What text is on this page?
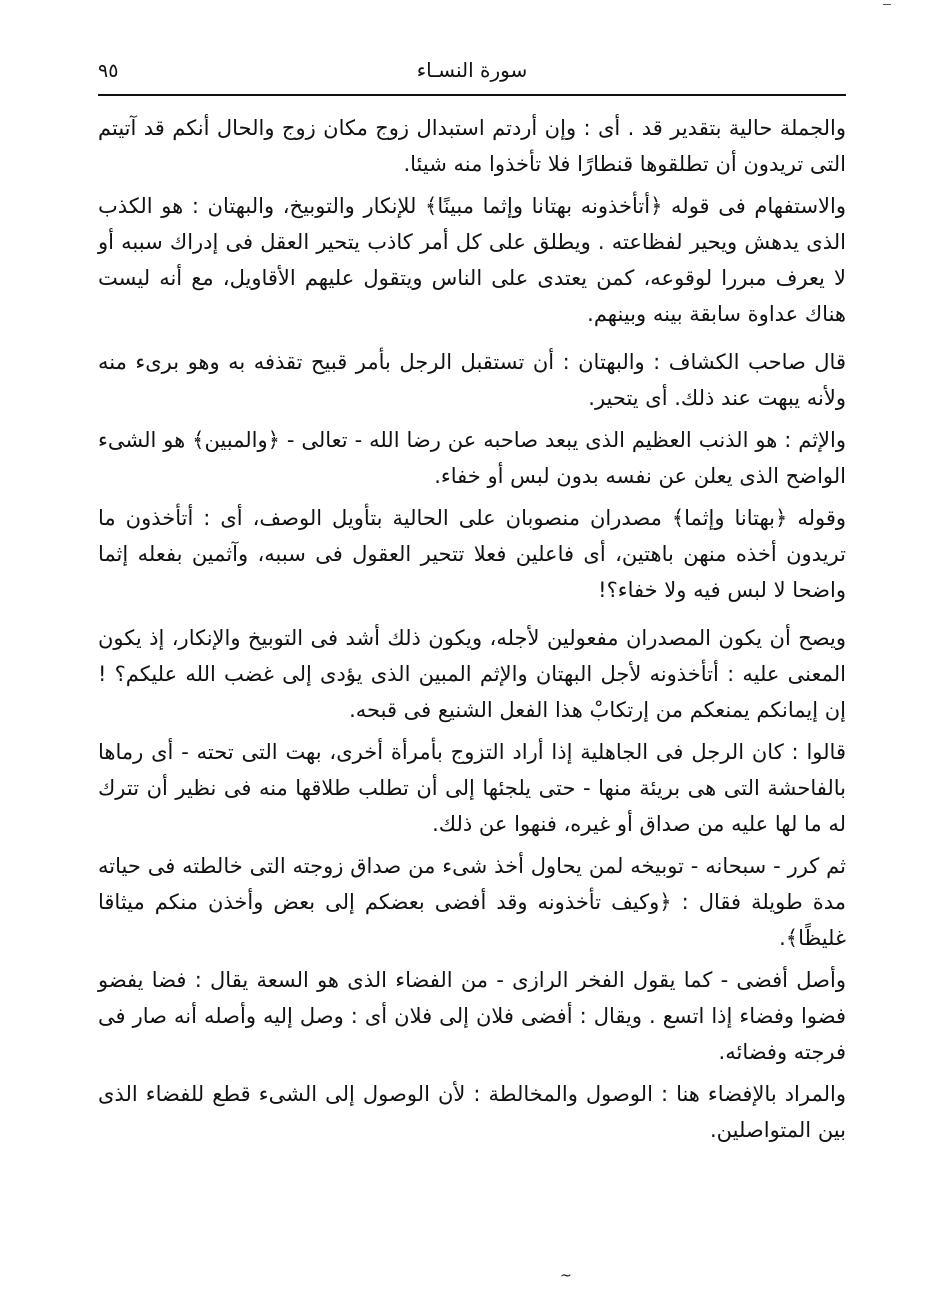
سورة النسـاء
٩٥

والجملة حالية بتقدير قد . أى : وإن أردتم استبدال زوج مكان زوج والحال أنكم قد آتيتم التى تريدون أن تطلقوها قنطارًا فلا تأخذوا منه شيئا.

والاستفهام فى قوله ﴿أتأخذونه بهتانا وإثما مبينًا﴾ للإنكار والتوبيخ، والبهتان : هو الكذب الذى يدهش ويحير لفظاعته . ويطلق على كل أمر كاذب يتحير العقل فى إدراك سببه أو لا يعرف مبررا لوقوعه، كمن يعتدى على الناس ويتقول عليهم الأقاويل، مع أنه ليست هناك عداوة سابقة بينه وبينهم.

قال صاحب الكشاف : والبهتان : أن تستقبل الرجل بأمر قبيح تقذفه به وهو برىء منه ولأنه يبهت عند ذلك. أى يتحير.

والإثم : هو الذنب العظيم الذى يبعد صاحبه عن رضا الله - تعالى - ﴿والمبين﴾ هو الشىء الواضح الذى يعلن عن نفسه بدون لبس أو خفاء.

وقوله ﴿بهتانا وإثما﴾ مصدران منصوبان على الحالية بتأويل الوصف، أى : أتأخذون ما تريدون أخذه منهن باهتين، أى فاعلين فعلا تتحير العقول فى سببه، وآثمين بفعله إثما واضحا لا لبس فيه ولا خفاء؟!

ويصح أن يكون المصدران مفعولين لأجله، ويكون ذلك أشد فى التوبيخ والإنكار، إذ يكون المعنى عليه : أتأخذونه لأجل البهتان والإثم المبين الذى يؤدى إلى غضب الله عليكم؟ ! إن إيمانكم يمنعكم من إرتكابْ هذا الفعل الشنيع فى قبحه.

قالوا : كان الرجل فى الجاهلية إذا أراد التزوج بأمرأة أخرى، بهت التى تحته - أى رماها بالفاحشة التى هى بريئة منها - حتى يلجئها إلى أن تطلب طلاقها منه فى نظير أن تترك له ما لها عليه من صداق أو غيره، فنهوا عن ذلك.

ثم كرر - سبحانه - توبيخه لمن يحاول أخذ شىء من صداق زوجته التى خالطته فى حياته مدة طويلة فقال : ﴿وكيف تأخذونه وقد أفضى بعضكم إلى بعض وأخذن منكم ميثاقا غليظًا﴾.

وأصل أفضى - كما يقول الفخر الرازى - من الفضاء الذى هو السعة يقال : فضا يفضو فضوا وفضاء إذا اتسع . ويقال : أفضى فلان إلى فلان أى : وصل إليه وأصله أنه صار فى فرجته وفضائه.

والمراد بالإفضاء هنا : الوصول والمخالطة : لأن الوصول إلى الشىء قطع للفضاء الذى بين المتواصلين.

~
